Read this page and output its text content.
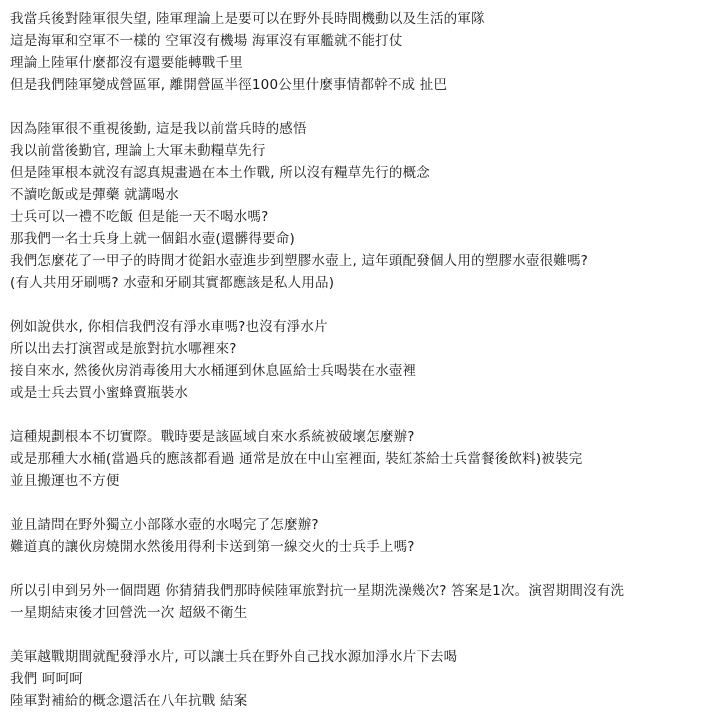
我當兵後對陸軍很失望, 陸軍理論上是要可以在野外長時間機動以及生活的軍隊
這是海軍和空軍不一樣的 空軍沒有機場 海軍沒有軍艦就不能打仗
理論上陸軍什麼都沒有還要能轉戰千里
但是我們陸軍變成營區軍, 離開營區半徑100公里什麼事情都幹不成 扯巴
因為陸軍很不重視後勤, 這是我以前當兵時的感悟
我以前當後勤官, 理論上大軍未動糧草先行
但是陸軍根本就沒有認真規畫過在本土作戰, 所以沒有糧草先行的概念
不讀吃飯或是彈藥 就講喝水
士兵可以一禮不吃飯 但是能一天不喝水嗎?
那我們一名士兵身上就一個鋁水壺(還髒得要命)
我們怎麼花了一甲子的時間才從鋁水壺進步到塑膠水壺上, 這年頭配發個人用的塑膠水壺很難嗎?
(有人共用牙刷嗎? 水壺和牙刷其實都應該是私人用品)
例如說供水, 你相信我們沒有淨水車嗎?也沒有淨水片
所以出去打演習或是旅對抗水哪裡來?
接自來水, 然後伙房消毒後用大水桶運到休息區給士兵喝裝在水壺裡
或是士兵去買小蜜蜂賣瓶裝水
這種規劃根本不切實際。戰時要是該區域自來水系統被破壞怎麼辦?
或是那種大水桶(當過兵的應該都看過 通常是放在中山室裡面, 裝紅茶給士兵當餐後飲料)被裝完
並且搬運也不方便
並且請問在野外獨立小部隊水壺的水喝完了怎麼辦?
難道真的讓伙房燒開水然後用得利卡送到第一線交火的士兵手上嗎?
所以引申到另外一個問題 你猜猜我們那時候陸軍旅對抗一星期洗澡幾次? 答案是1次。演習期間沒有洗
一星期結束後才回營洗一次 超級不衛生
美軍越戰期間就配發淨水片, 可以讓士兵在野外自己找水源加淨水片下去喝
我們 呵呵呵
陸軍對補給的概念還活在八年抗戰 結案
